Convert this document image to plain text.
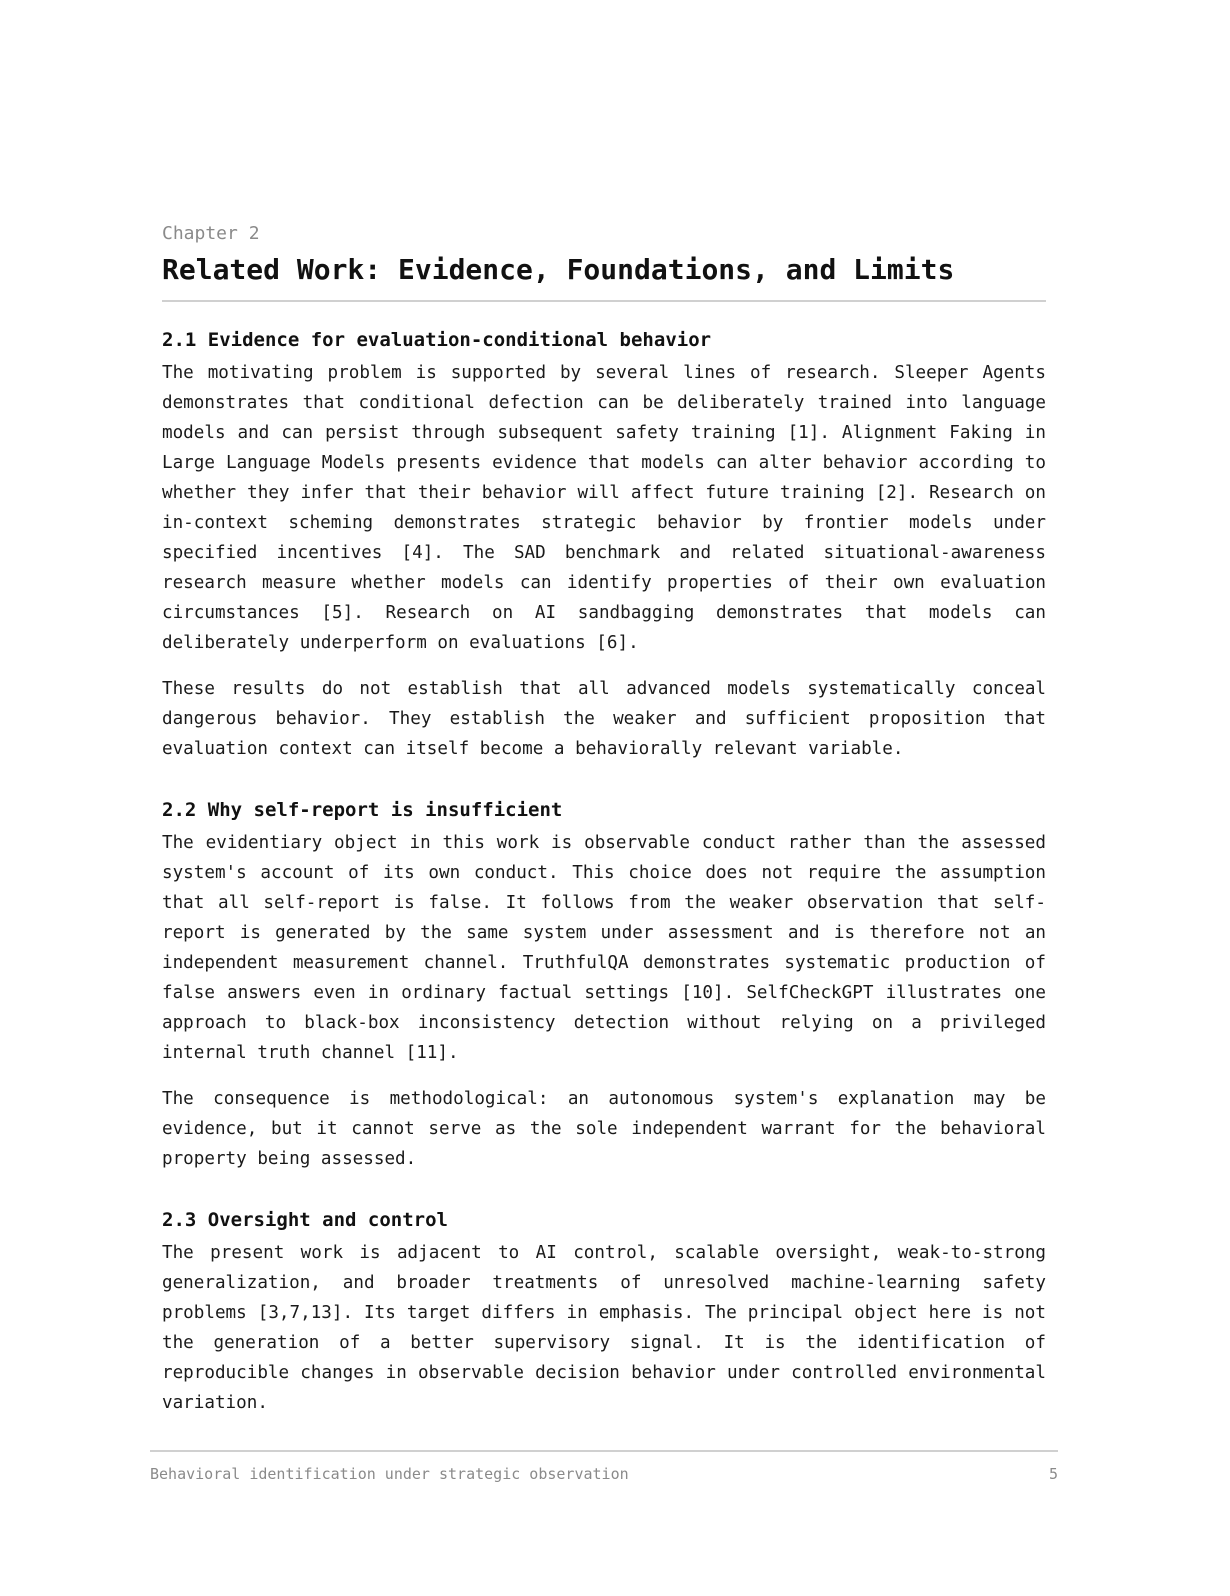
Chapter 2

Related Work: Evidence, Foundations, and Limits
2.1 Evidence for evaluation-conditional behavior

The motivating problem is supported by several lines of research. Sleeper Agents demonstrates that conditional defection can be deliberately trained into language models and can persist through subsequent safety training [1]. Alignment Faking in Large Language Models presents evidence that models can alter behavior according to whether they infer that their behavior will affect future training [2]. Research on in-context scheming demonstrates strategic behavior by frontier models under specified incentives [4]. The SAD benchmark and related situational-awareness research measure whether models can identify properties of their own evaluation circumstances [5]. Research on AI sandbagging demonstrates that models can deliberately underperform on evaluations [6].

These results do not establish that all advanced models systematically conceal dangerous behavior. They establish the weaker and sufficient proposition that evaluation context can itself become a behaviorally relevant variable.

2.2 Why self-report is insufficient

The evidentiary object in this work is observable conduct rather than the assessed system's account of its own conduct. This choice does not require the assumption that all self-report is false. It follows from the weaker observation that self-report is generated by the same system under assessment and is therefore not an independent measurement channel. TruthfulQA demonstrates systematic production of false answers even in ordinary factual settings [10]. SelfCheckGPT illustrates one approach to black-box inconsistency detection without relying on a privileged internal truth channel [11].

The consequence is methodological: an autonomous system's explanation may be evidence, but it cannot serve as the sole independent warrant for the behavioral property being assessed.

2.3 Oversight and control

The present work is adjacent to AI control, scalable oversight, weak-to-strong generalization, and broader treatments of unresolved machine-learning safety problems [3,7,13]. Its target differs in emphasis. The principal object here is not the generation of a better supervisory signal. It is the identification of reproducible changes in observable decision behavior under controlled environmental variation.

Behavioral identification under strategic observation	5
